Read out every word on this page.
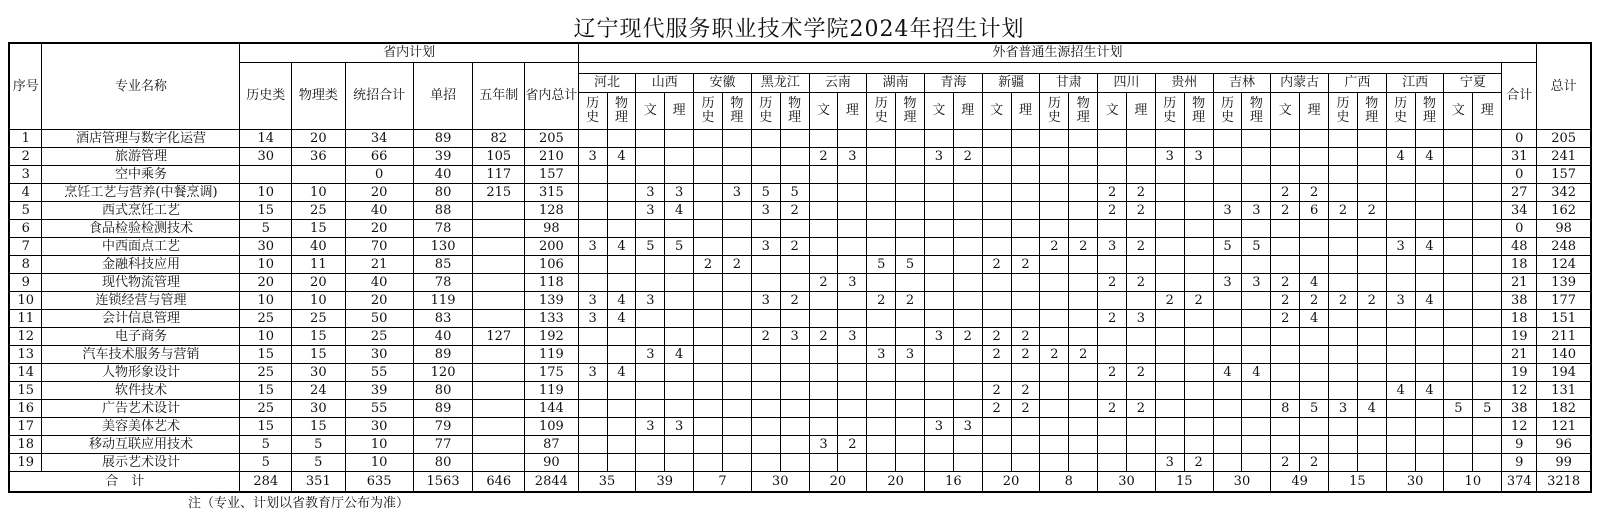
辽宁现代服务职业技术学院2024年招生计划
序号	专业名称	省内计划						外省普通生源招生计划																																	总计
		历史类	物理类	统招合计	单招	五年制	省内总计																																	合计	
								河北		山西		安徽		黑龙江		云南		湖南		青海		新疆		甘肃		四川		贵州		吉林		内蒙古		广西		江西		宁夏			
								历史	物理	文	理	历史	物理	历史	物理	文	理	历史	物理	文	理	文	理	历史	物理	文	理	历史	物理	历史	物理	文	理	历史	物理	历史	物理	文	理		
1	酒店管理与数字化运营	14	20	34	89	82	205																																	0	205
2	旅游管理	30	36	66	39	105	210	3	4							2	3			3	2							3	3							4	4			31	241
3	空中乘务			0	40	117	157																																	0	157
4	烹饪工艺与营养(中餐烹调)	10	10	20	80	215	315			3	3		3	5	5											2	2					2	2							27	342
5	西式烹饪工艺	15	25	40	88		128			3	4			3	2											2	2			3	3	2	6	2	2					34	162
6	食品检验检测技术	5	15	20	78		98																																	0	98
7	中西面点工艺	30	40	70	130		200	3	4	5	5			3	2									2	2	3	2			5	5					3	4			48	248
8	金融科技应用	10	11	21	85		106					2	2					5	5			2	2																	18	124
9	现代物流管理	20	20	40	78		118									2	3									2	2			3	3	2	4							21	139
10	连锁经营与管理	10	10	20	119		139	3	4	3				3	2			2	2									2	2			2	2	2	2	3	4			38	177
11	会计信息管理	25	25	50	83		133	3	4																	2	3					2	4							18	151
12	电子商务	10	15	25	40	127	192							2	3	2	3			3	2	2	2																	19	211
13	汽车技术服务与营销	15	15	30	89		119			3	4							3	3			2	2	2	2															21	140
14	人物形象设计	25	30	55	120		175	3	4																	2	2			4	4									19	194
15	软件技术	15	24	39	80		119															2	2													4	4			12	131
16	广告艺术设计	25	30	55	89		144															2	2			2	2					8	5	3	4			5	5	38	182
17	美容美体艺术	15	15	30	79		109			3	3									3	3																			12	121
18	移动互联应用技术	5	5	10	77		87									3	2																							9	96
19	展示艺术设计	5	5	10	80		90																					3	2			2	2							9	99
合　计		284	351	635	1563	646	2844	35		39		7		30		20		20		16		20		8		30		15		30		49		15		30		10		374	3218
注（专业、计划以省教育厅公布为准）
